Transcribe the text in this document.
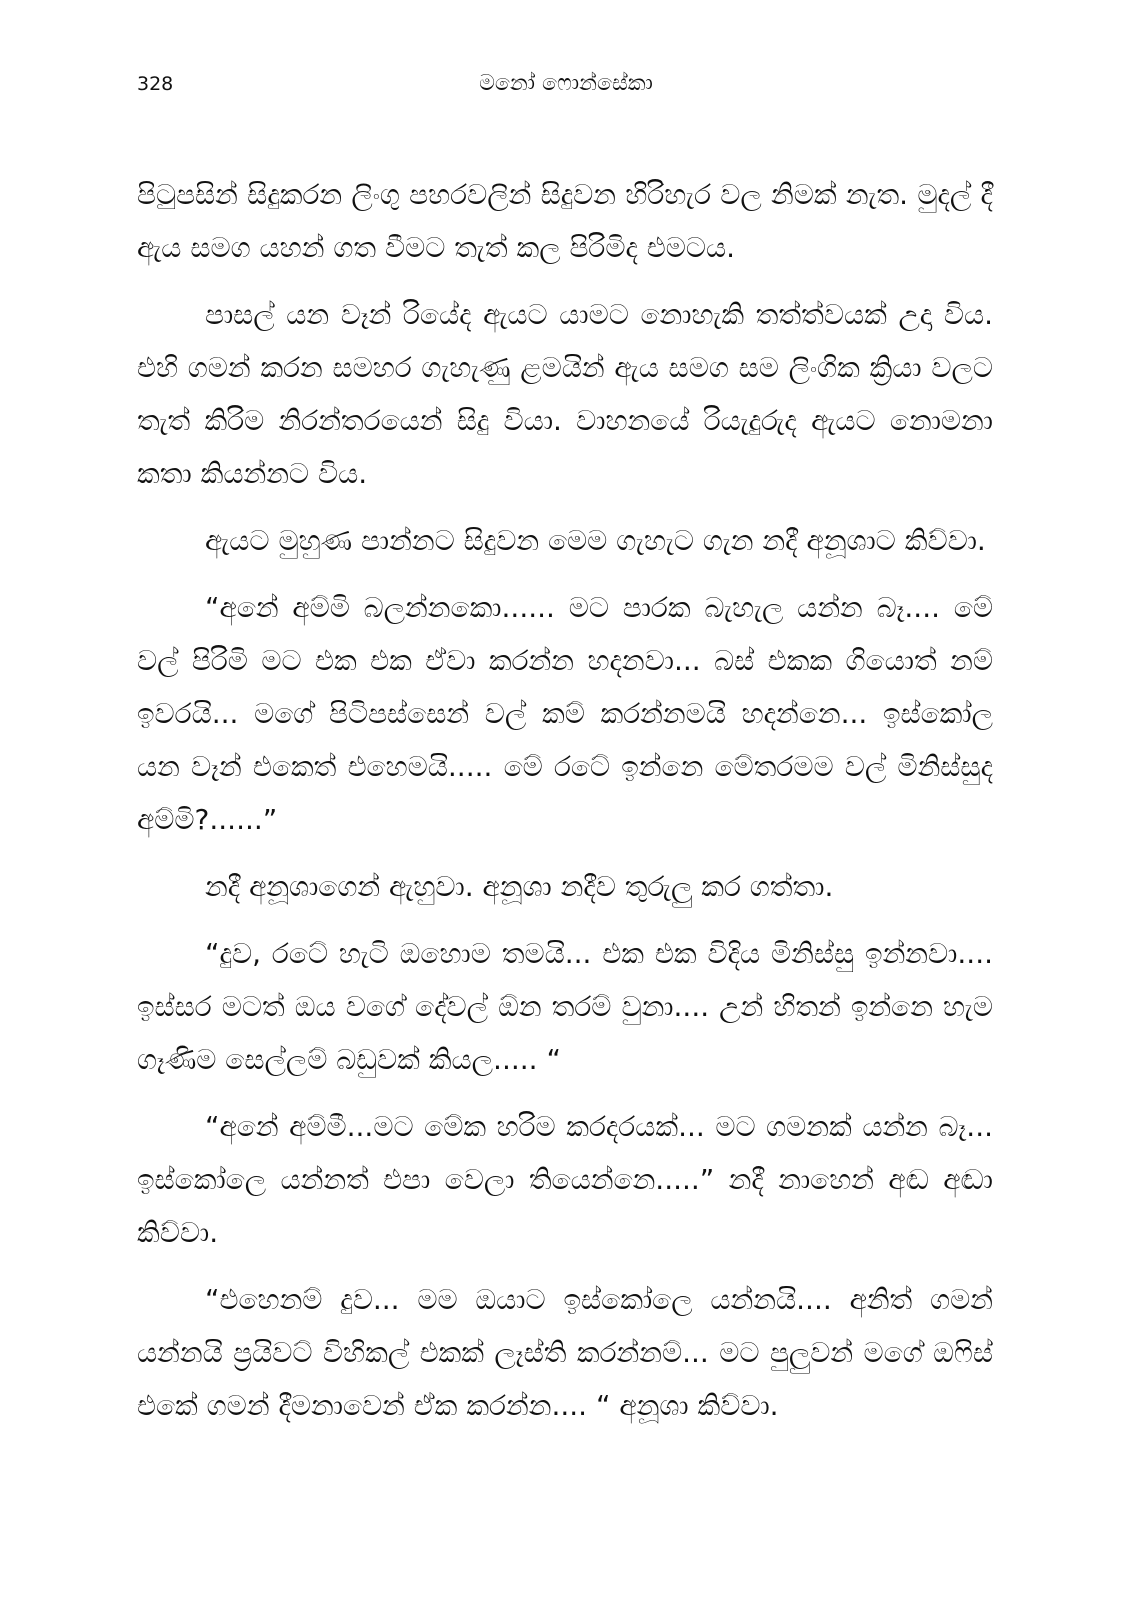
328	මනෝ ෆොන්සේකා

පිටුපසින් සිදුකරන ලිංගු පහරවලින් සිදුවන හිරිහැර වල නිමක් නැත. මුදල් දී ඇය සමග යහන් ගත වීමට තැත් කල පිරිමිද එමටය.

පාසල් යන වෑන් රියේද ඇයට යාමට නොහැකි තත්ත්වයක් උදා විය. එහි ගමන් කරන සමහර ගැහැණු ළමයින් ඇය සමග සම ලිංගික ක්‍රියා වලට තැත් කිරිම නිරන්තරයෙන් සිදු වියා. වාහනයේ රියැදුරුද ඇයට නොමනා කතා කියන්නට විය.

ඇයට මුහුණ පාන්නට සිදුවන මෙම ගැහැට ගැන නදී අනූශාට කිව්වා.

“අනේ අම්මි බලන්නකො...... මට පාරක බැහැල යන්න බෑ.... මේ වල් පිරිමි මට එක එක ඒවා කරන්න හදනවා... බස් එකක ගියොත් නම් ඉවරයි... මගේ පිටිපස්සෙන් වල් කම් කරන්නමයි හදන්නෙ... ඉස්කෝල යන වෑන් එකෙත් එහෙමයි..... මේ රටේ ඉන්නෙ මේතරමම වල් මිනිස්සුද අම්මි?......”

නදී අනූශාගෙන් ඇහුවා. අනූශා නදීව තුරුලු කර ගත්තා.

“දුව, රටේ හැටි ඔහොම තමයි... එක එක විදිය මිනිස්සු ඉන්නවා.... ඉස්සර මටත් ඔය වගේ දේවල් ඕන තරම් වුනා.... උන් හිතන් ඉන්නෙ හැම ගෑණිම සෙල්ලම් බඩුවක් කියල..... “

“අනේ අම්මී...මට මේක හරිම කරදරයක්... මට ගමනක් යන්න බෑ... ඉස්කෝලෙ යන්නත් එපා වෙලා තියෙන්නෙ.....” නදී නාහෙන් අඬ අඬා කිව්වා.

“එහෙනම් දුව... මම ඔයාට ඉස්කෝලෙ යන්නයි.... අනිත් ගමන් යන්නයි ප්‍රයිවට් විහිකල් එකක් ලෑස්ති කරන්නම්... මට පුලුවන් මගේ ඔෆිස් එකේ ගමන් දීමනාවෙන් ඒක කරන්න.... “ අනූශා කිව්වා.
